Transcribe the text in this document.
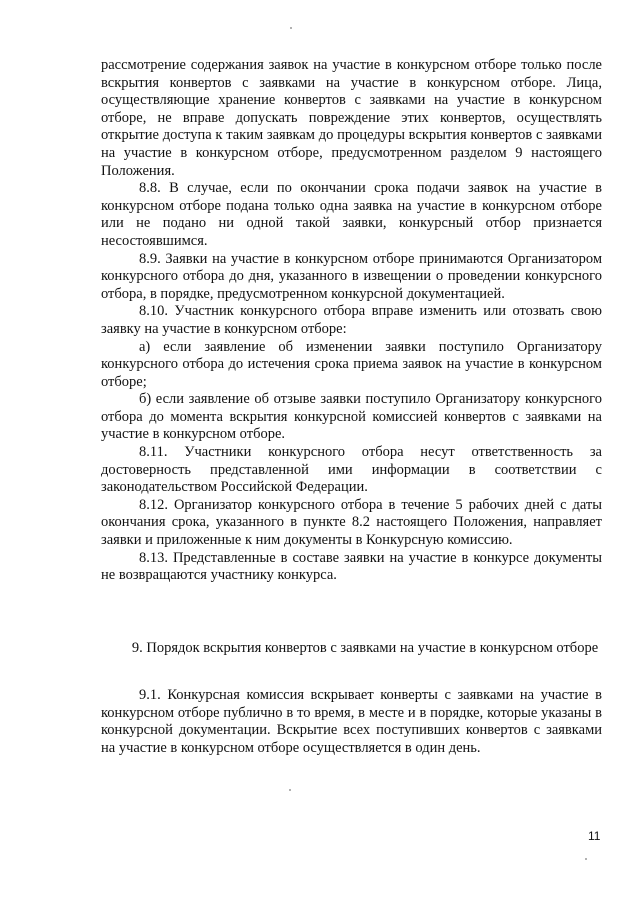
рассмотрение содержания заявок на участие в конкурсном отборе только после вскрытия конвертов с заявками на участие в конкурсном отборе. Лица, осуществляющие хранение конвертов с заявками на участие в конкурсном отборе, не вправе допускать повреждение этих конвертов, осуществлять открытие доступа к таким заявкам до процедуры вскрытия конвертов с заявками на участие в конкурсном отборе, предусмотренном разделом 9 настоящего Положения.

8.8. В случае, если по окончании срока подачи заявок на участие в конкурсном отборе подана только одна заявка на участие в конкурсном отборе или не подано ни одной такой заявки, конкурсный отбор признается несостоявшимся.

8.9. Заявки на участие в конкурсном отборе принимаются Организатором конкурсного отбора до дня, указанного в извещении о проведении конкурсного отбора, в порядке, предусмотренном конкурсной документацией.

8.10. Участник конкурсного отбора вправе изменить или отозвать свою заявку на участие в конкурсном отборе:

а) если заявление об изменении заявки поступило Организатору конкурсного отбора до истечения срока приема заявок на участие в конкурсном отборе;

б) если заявление об отзыве заявки поступило Организатору конкурсного отбора до момента вскрытия конкурсной комиссией конвертов с заявками на участие в конкурсном отборе.

8.11. Участники конкурсного отбора несут ответственность за достоверность представленной ими информации в соответствии с законодательством Российской Федерации.

8.12. Организатор конкурсного отбора в течение 5 рабочих дней с даты окончания срока, указанного в пункте 8.2 настоящего Положения, направляет заявки и приложенные к ним документы в Конкурсную комиссию.

8.13. Представленные в составе заявки на участие в конкурсе документы не возвращаются участнику конкурса.

9. Порядок вскрытия конвертов с заявками на участие в конкурсном отборе

9.1. Конкурсная комиссия вскрывает конверты с заявками на участие в конкурсном отборе публично в то время, в месте и в порядке, которые указаны в конкурсной документации. Вскрытие всех поступивших конвертов с заявками на участие в конкурсном отборе осуществляется в один день.

11
